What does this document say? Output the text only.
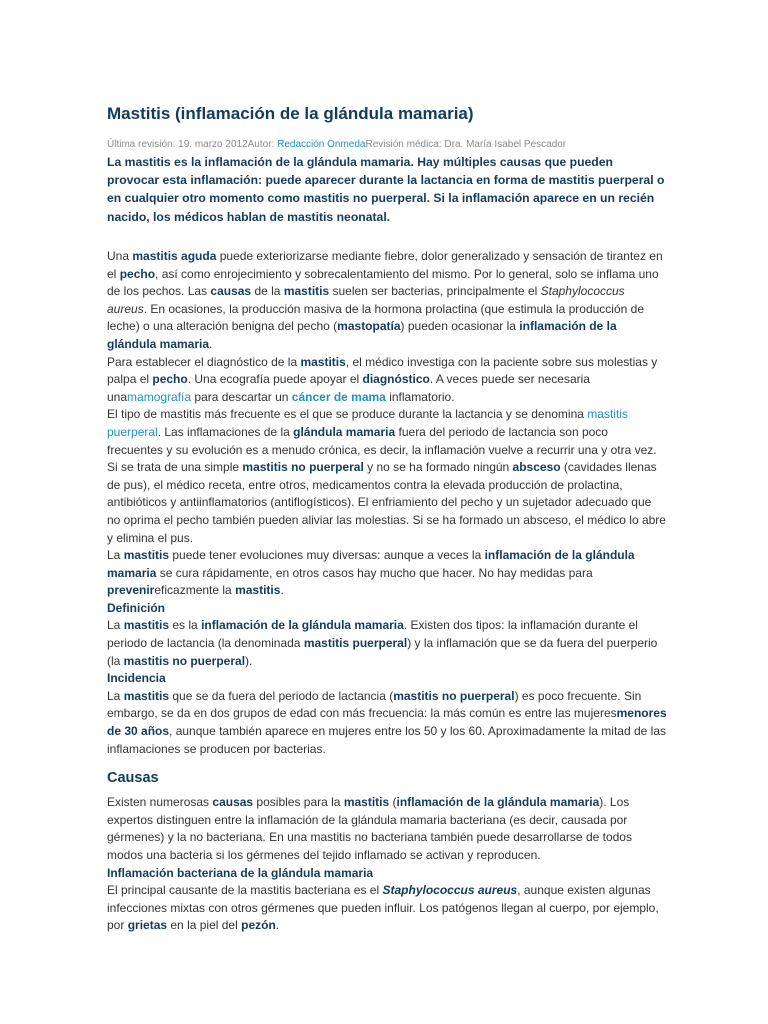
Mastitis (inflamación de la glándula mamaria)
Última revisión: 19. marzo 2012Autor: Redacción OnmedaRevisión médica: Dra. María Isabel Pescador

La mastitis es la inflamación de la glándula mamaria. Hay múltiples causas que pueden provocar esta inflamación: puede aparecer durante la lactancia en forma de mastitis puerperal o en cualquier otro momento como mastitis no puerperal. Si la inflamación aparece en un recién nacido, los médicos hablan de mastitis neonatal.

Una mastitis aguda puede exteriorizarse mediante fiebre, dolor generalizado y sensación de tirantez en el pecho, así como enrojecimiento y sobrecalentamiento del mismo. Por lo general, solo se inflama uno de los pechos. Las causas de la mastitis suelen ser bacterias, principalmente el Staphylococcus aureus. En ocasiones, la producción masiva de la hormona prolactina (que estimula la producción de leche) o una alteración benigna del pecho (mastopatía) pueden ocasionar la inflamación de la glándula mamaria.

Para establecer el diagnóstico de la mastitis, el médico investiga con la paciente sobre sus molestias y palpa el pecho. Una ecografía puede apoyar el diagnóstico. A veces puede ser necesaria unamamografía para descartar un cáncer de mama inflamatorio.

El tipo de mastitis más frecuente es el que se produce durante la lactancia y se denomina mastitis puerperal. Las inflamaciones de la glándula mamaria fuera del periodo de lactancia son poco frecuentes y su evolución es a menudo crónica, es decir, la inflamación vuelve a recurrir una y otra vez. Si se trata de una simple mastitis no puerperal y no se ha formado ningún absceso (cavidades llenas de pus), el médico receta, entre otros, medicamentos contra la elevada producción de prolactina, antibióticos y antiinflamatorios (antiflogísticos). El enfriamiento del pecho y un sujetador adecuado que no oprima el pecho también pueden aliviar las molestias. Si se ha formado un absceso, el médico lo abre y elimina el pus.

La mastitis puede tener evoluciones muy diversas: aunque a veces la inflamación de la glándula mamaria se cura rápidamente, en otros casos hay mucho que hacer. No hay medidas para prevenireficazmente la mastitis.

Definición

La mastitis es la inflamación de la glándula mamaria. Existen dos tipos: la inflamación durante el periodo de lactancia (la denominada mastitis puerperal) y la inflamación que se da fuera del puerperio (la mastitis no puerperal).

Incidencia

La mastitis que se da fuera del periodo de lactancia (mastitis no puerperal) es poco frecuente. Sin embargo, se da en dos grupos de edad con más frecuencia: la más común es entre las mujeresmenores de 30 años, aunque también aparece en mujeres entre los 50 y los 60. Aproximadamente la mitad de las inflamaciones se producen por bacterias.

Causas

Existen numerosas causas posibles para la mastitis (inflamación de la glándula mamaria). Los expertos distinguen entre la inflamación de la glándula mamaria bacteriana (es decir, causada por gérmenes) y la no bacteriana. En una mastitis no bacteriana también puede desarrollarse de todos modos una bacteria si los gérmenes del tejido inflamado se activan y reproducen.

Inflamación bacteriana de la glándula mamaria

El principal causante de la mastitis bacteriana es el Staphylococcus aureus, aunque existen algunas infecciones mixtas con otros gérmenes que pueden influir. Los patógenos llegan al cuerpo, por ejemplo, por grietas en la piel del pezón.
